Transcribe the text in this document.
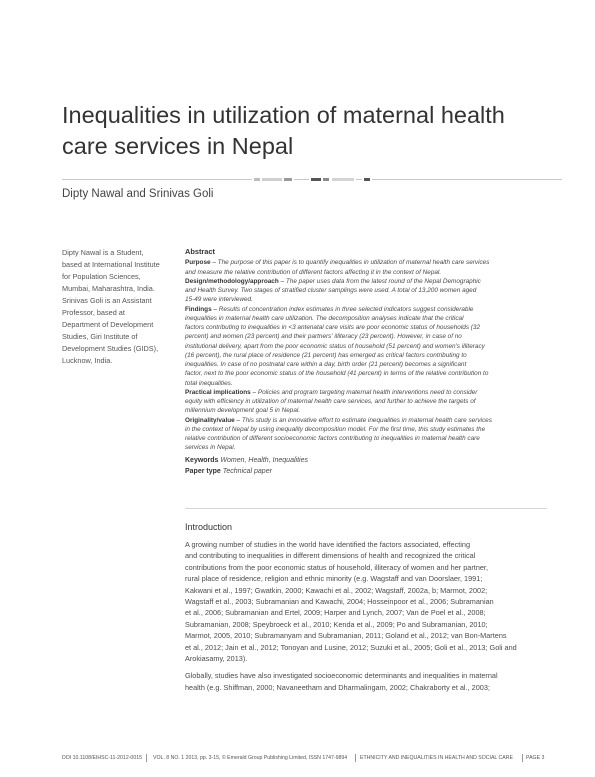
Inequalities in utilization of maternal health
care services in Nepal
Dipty Nawal and Srinivas Goli
Dipty Nawal is a Student,
based at International Institute
for Population Sciences,
Mumbai, Maharashtra, India.
Srinivas Goli is an Assistant
Professor, based at
Department of Development
Studies, Giri Institute of
Development Studies (GIDS),
Lucknow, India.
Abstract
Purpose – The purpose of this paper is to quantify inequalities in utilization of maternal health care services
and measure the relative contribution of different factors affecting it in the context of Nepal.
Design/methodology/approach – The paper uses data from the latest round of the Nepal Demographic
and Health Survey. Two stages of stratified cluster samplings were used. A total of 13,200 women aged
15-49 were interviewed.
Findings – Results of concentration index estimates in three selected indicators suggest considerable
inequalities in maternal health care utilization. The decomposition analyses indicate that the critical
factors contributing to inequalities in <3 antenatal care visits are poor economic status of households (32
percent) and women (23 percent) and their partners' illiteracy (23 percent). However, in case of no
institutional delivery, apart from the poor economic status of household (51 percent) and women's illiteracy
(16 percent), the rural place of residence (21 percent) has emerged as critical factors contributing to
inequalities. In case of no postnatal care within a day, birth order (21 percent) becomes a significant
factor, next to the poor economic status of the household (41 percent) in terms of the relative contribution to
total inequalities.
Practical implications – Policies and program targeting maternal health interventions need to consider
equity with efficiency in utilization of maternal health care services, and further to achieve the targets of
millennium development goal 5 in Nepal.
Originality/value – This study is an innovative effort to estimate inequalities in maternal health care services
in the context of Nepal by using inequality decomposition model. For the first time, this study estimates the
relative contribution of different socioeconomic factors contributing to inequalities in maternal health care
services in Nepal.
Keywords Women, Health, Inequalities
Paper type Technical paper
Introduction
A growing number of studies in the world have identified the factors associated, effecting
and contributing to inequalities in different dimensions of health and recognized the critical
contributions from the poor economic status of household, illiteracy of women and her partner,
rural place of residence, religion and ethnic minority (e.g. Wagstaff and van Doorslaer, 1991;
Kakwani et al., 1997; Gwatkin, 2000; Kawachi et al., 2002; Wagstaff, 2002a, b; Marmot, 2002;
Wagstaff et al., 2003; Subramanian and Kawachi, 2004; Hosseinpoor et al., 2006; Subramanian
et al., 2006; Subramanian and Ertel, 2009; Harper and Lynch, 2007; Van de Poel et al., 2008;
Subramanian, 2008; Speybroeck et al., 2010; Kenda et al., 2009; Po and Subramanian, 2010;
Marmot, 2005, 2010; Subramanyam and Subramanian, 2011; Goland et al., 2012; van Bon-Martens
et al., 2012; Jain et al., 2012; Tonoyan and Lusine, 2012; Suzuki et al., 2005; Goli et al., 2013; Goli and
Arokiasamy, 2013).
Globally, studies have also investigated socioeconomic determinants and inequalities in maternal
health (e.g. Shiffman, 2000; Navaneetham and Dharmalingam, 2002; Chakraborty et al., 2003;
DOI 10.1108/EIHSC-11-2012-0015 VOL. 8 NO. 1 2013, pp. 3-15, © Emerald Group Publishing Limited, ISSN 1747-9894 ETHNICITY AND INEQUALITIES IN HEALTH AND SOCIAL CARE	PAGE 3
